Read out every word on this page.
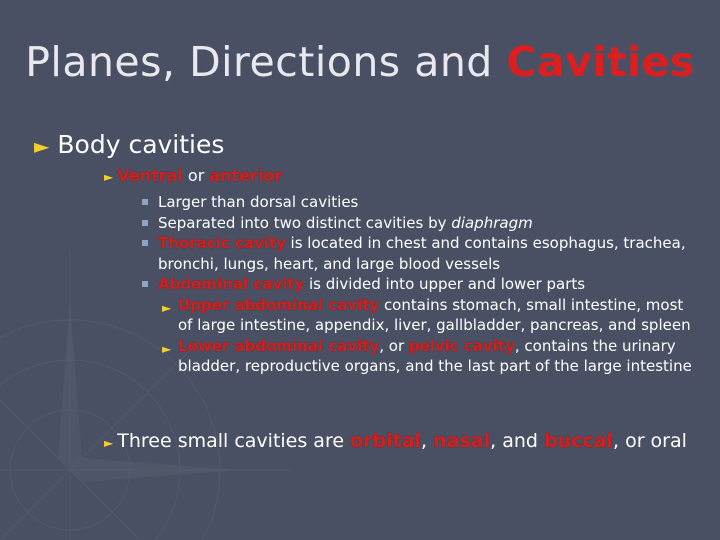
Planes, Directions and Cavities
► Body cavities
► Ventral or anterior
Larger than dorsal cavities
Separated into two distinct cavities by diaphragm
Thoracic cavity is located in chest and contains esophagus, trachea, bronchi, lungs, heart, and large blood vessels
Abdominal cavity is divided into upper and lower parts
► Upper abdominal cavity contains stomach, small intestine, most of large intestine, appendix, liver, gallbladder, pancreas, and spleen
► Lower abdominal cavity, or pelvic cavity, contains the urinary bladder, reproductive organs, and the last part of the large intestine
► Three small cavities are orbital, nasal, and buccal, or oral
